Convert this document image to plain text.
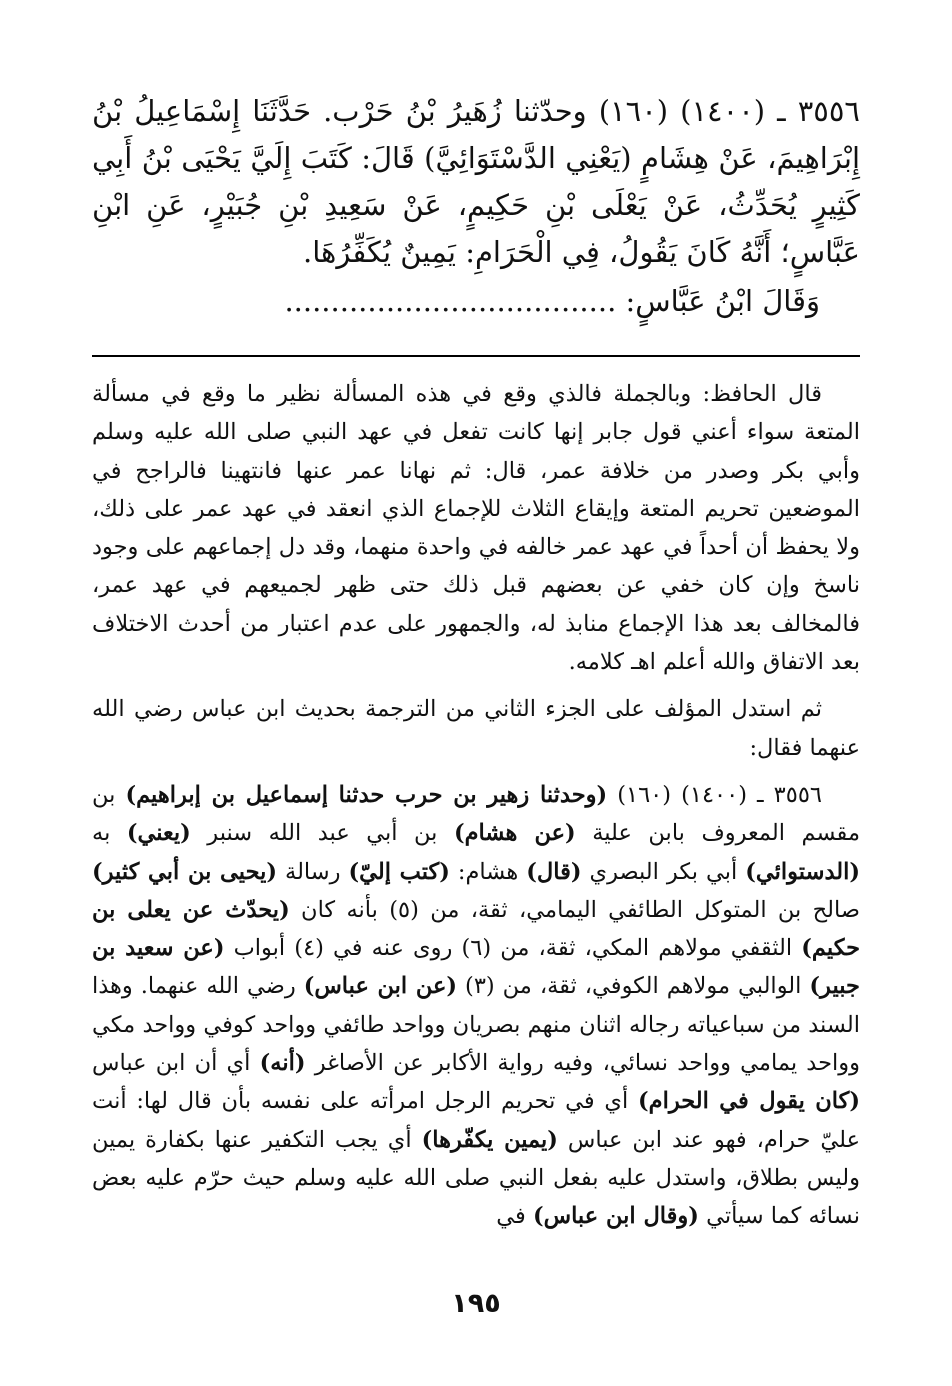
٣٥٥٦ ـ (١٤٠٠) (١٦٠) وحدّثنا زُهَيرُ بْنُ حَرْب. حَدَّثَنَا إِسْمَاعِيلُ بْنُ إِبْرَاهِيمَ، عَنْ هِشَامٍ (يَعْنِي الدَّسْتَوَائِيَّ) قَالَ: كَتَبَ إِلَيَّ يَحْيَى بْنُ أَبِي كَثِيرٍ يُحَدِّثُ، عَنْ يَعْلَى بْنِ حَكِيمٍ، عَنْ سَعِيدِ بْنِ جُبَيْرٍ، عَنِ ابْنِ عَبَّاسٍ؛ أَنَّهُ كَانَ يَقُولُ، فِي الْحَرَامِ: يَمِينٌ يُكَفِّرُهَا.

وَقَالَ ابْنُ عَبَّاسٍ: ....................................

قال الحافظ: وبالجملة فالذي وقع في هذه المسألة نظير ما وقع في مسألة المتعة سواء أعني قول جابر إنها كانت تفعل في عهد النبي صلى الله عليه وسلم وأبي بكر وصدر من خلافة عمر، قال: ثم نهانا عمر عنها فانتهينا فالراجح في الموضعين تحريم المتعة وإيقاع الثلاث للإجماع الذي انعقد في عهد عمر على ذلك، ولا يحفظ أن أحداً في عهد عمر خالفه في واحدة منهما، وقد دل إجماعهم على وجود ناسخ وإن كان خفي عن بعضهم قبل ذلك حتى ظهر لجميعهم في عهد عمر، فالمخالف بعد هذا الإجماع منابذ له، والجمهور على عدم اعتبار من أحدث الاختلاف بعد الاتفاق والله أعلم اهـ كلامه.

ثم استدل المؤلف على الجزء الثاني من الترجمة بحديث ابن عباس رضي الله عنهما فقال:

٣٥٥٦ ـ (١٤٠٠) (١٦٠) (وحدثنا زهير بن حرب حدثنا إسماعيل بن إبراهيم) بن مقسم المعروف بابن علية (عن هشام) بن أبي عبد الله سنبر (يعني) به (الدستوائي) أبي بكر البصري (قال) هشام: (كتب إليّ) رسالة (يحيى بن أبي كثير) صالح بن المتوكل الطائفي اليمامي، ثقة، من (٥) بأنه كان (يحدّث عن يعلى بن حكيم) الثقفي مولاهم المكي، ثقة، من (٦) روى عنه في (٤) أبواب (عن سعيد بن جبير) الوالبي مولاهم الكوفي، ثقة، من (٣) (عن ابن عباس) رضي الله عنهما. وهذا السند من سباعياته رجاله اثنان منهم بصريان وواحد طائفي وواحد كوفي وواحد مكي وواحد يمامي وواحد نسائي، وفيه رواية الأكابر عن الأصاغر (أنه) أي أن ابن عباس (كان يقول في الحرام) أي في تحريم الرجل امرأته على نفسه بأن قال لها: أنت عليّ حرام، فهو عند ابن عباس (يمين يكفّرها) أي يجب التكفير عنها بكفارة يمين وليس بطلاق، واستدل عليه بفعل النبي صلى الله عليه وسلم حيث حرّم عليه بعض نسائه كما سيأتي (وقال ابن عباس) في

١٩٥
